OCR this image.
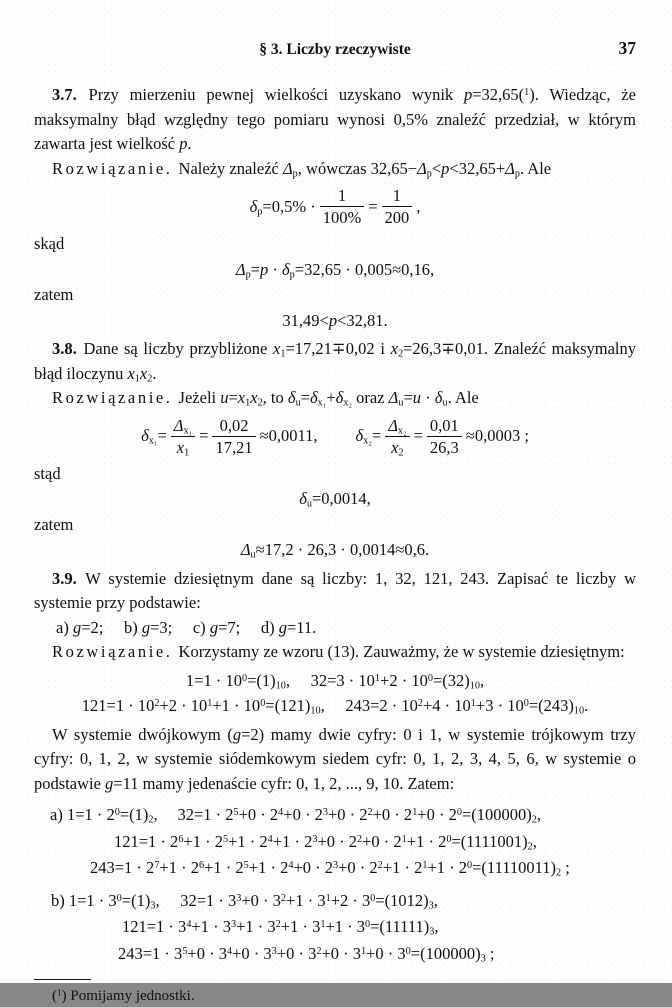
§ 3. Liczby rzeczywiste	37

3.7. Przy mierzeniu pewnej wielkości uzyskano wynik p=32,65($^1$). Wiedząc, że maksymalny błąd względny tego pomiaru wynosi 0,5% znaleźć przedział, w którym zawarta jest wielkość p.

Rozwiązanie. Należy znaleźć $\Delta_p$, wówczas $32,65-\Delta_p<p<32,65+\Delta_p$. Ale

$\delta_p=0,5\% \cdot \frac{1}{100\%} = \frac{1}{200}$ ,
skąd
$\Delta_p=p \cdot \delta_p=32,65 \cdot 0,005\approx 0,16$,
zatem
31,49<p<32,81.

3.8. Dane są liczby przybliżone $x_1=17,21\mp 0,02$ i $x_2=26,3\mp 0,01$. Znaleźć maksymalny błąd iloczynu $x_1x_2$.

Rozwiązanie. Jeżeli $u=x_1x_2$, to $\delta_u=\delta_{x_1}+\delta_{x_2}$ oraz $\Delta_u=u \cdot \delta_u$. Ale

$\delta_{x_1}= \frac{\Delta_{x_1}}{x_1} = \frac{0,02}{17,21} \approx 0,0011$, $\delta_{x_2}= \frac{\Delta_{x_2}}{x_2} = \frac{0,01}{26,3} \approx 0,0003$ ;
stąd
$\delta_u=0,0014$,
zatem
$\Delta_u\approx 17,2 \cdot 26,3 \cdot 0,0014\approx 0,6$.

3.9. W systemie dziesiętnym dane są liczby: 1, 32, 121, 243. Zapisać te liczby w systemie przy podstawie:

a) g=2;  b) g=3;  c) g=7;  d) g=11.

Rozwiązanie. Korzystamy ze wzoru (13). Zauważmy, że w systemie dziesiętnym:

$1=1 \cdot 10^0=(1)_{10}$,  $32=3 \cdot 10^1+2 \cdot 10^0=(32)_{10}$,
$121=1 \cdot 10^2+2 \cdot 10^1+1 \cdot 10^0=(121)_{10}$,  $243=2 \cdot 10^2+4 \cdot 10^1+3 \cdot 10^0=(243)_{10}$.

W systemie dwójkowym (g=2) mamy dwie cyfry: 0 i 1, w systemie trójkowym trzy cyfry: 0, 1, 2, w systemie siódemkowym siedem cyfr: 0, 1, 2, 3, 4, 5, 6, w systemie o podstawie g=11 mamy jedenaście cyfr: 0, 1, 2, ..., 9, 10. Zatem:

a) $1=1 \cdot 2^0=(1)_2$,  $32=1 \cdot 2^5+0 \cdot 2^4+0 \cdot 2^3+0 \cdot 2^2+0 \cdot 2^1+0 \cdot 2^0=(100000)_2$,
$121=1 \cdot 2^6+1 \cdot 2^5+1 \cdot 2^4+1 \cdot 2^3+0 \cdot 2^2+0 \cdot 2^1+1 \cdot 2^0=(1111001)_2$,
$243=1 \cdot 2^7+1 \cdot 2^6+1 \cdot 2^5+1 \cdot 2^4+0 \cdot 2^3+0 \cdot 2^2+1 \cdot 2^1+1 \cdot 2^0=(11110011)_2$ ;
b) $1=1 \cdot 3^0=(1)_3$,  $32=1 \cdot 3^3+0 \cdot 3^2+1 \cdot 3^1+2 \cdot 3^0=(1012)_3$,
$121=1 \cdot 3^4+1 \cdot 3^3+1 \cdot 3^2+1 \cdot 3^1+1 \cdot 3^0=(11111)_3$,
$243=1 \cdot 3^5+0 \cdot 3^4+0 \cdot 3^3+0 \cdot 3^2+0 \cdot 3^1+0 \cdot 3^0=(100000)_3$ ;

($^1$) Pomijamy jednostki.
